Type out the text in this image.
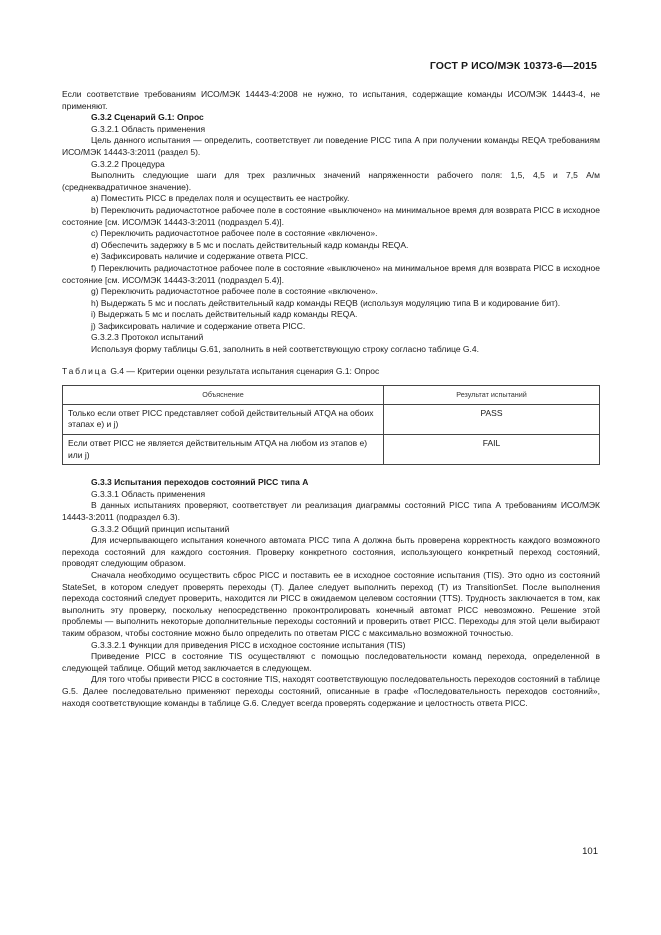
ГОСТ Р ИСО/МЭК 10373-6—2015

Если соответствие требованиям ИСО/МЭК 14443-4:2008 не нужно, то испытания, содержащие команды ИСО/МЭК 14443-4, не применяют.

G.3.2 Сценарий G.1: Опрос

G.3.2.1 Область применения

Цель данного испытания — определить, соответствует ли поведение PICC типа А при получении команды REQA требованиям ИСО/МЭК 14443-3:2011 (раздел 5).

G.3.2.2 Процедура

Выполнить следующие шаги для трех различных значений напряженности рабочего поля: 1,5, 4,5 и 7,5 А/м (среднеквадратичное значение).

a) Поместить PICC в пределах поля и осуществить ее настройку.

b) Переключить радиочастотное рабочее поле в состояние «выключено» на минимальное время для возврата PICC в исходное состояние [см. ИСО/МЭК 14443-3:2011 (подраздел 5.4)].

c) Переключить радиочастотное рабочее поле в состояние «включено».

d) Обеспечить задержку в 5 мс и послать действительный кадр команды REQA.

e) Зафиксировать наличие и содержание ответа PICC.

f) Переключить радиочастотное рабочее поле в состояние «выключено» на минимальное время для возврата PICC в исходное состояние [см. ИСО/МЭК 14443-3:2011 (подраздел 5.4)].

g) Переключить радиочастотное рабочее поле в состояние «включено».

h) Выдержать 5 мс и послать действительный кадр команды REQB (используя модуляцию типа В и кодирование бит).

i) Выдержать 5 мс и послать действительный кадр команды REQA.

j) Зафиксировать наличие и содержание ответа PICC.

G.3.2.3 Протокол испытаний

Используя форму таблицы G.61, заполнить в ней соответствующую строку согласно таблице G.4.

Таблица G.4 — Критерии оценки результата испытания сценария G.1: Опрос

Объяснение	Результат испытаний
Только если ответ PICC представляет собой действительный ATQA на обоих этапах e) и j)	PASS
Если ответ PICC не является действительным ATQA на любом из этапов e) или j)	FAIL

G.3.3 Испытания переходов состояний PICC типа А

G.3.3.1 Область применения

В данных испытаниях проверяют, соответствует ли реализация диаграммы состояний PICC типа А требованиям ИСО/МЭК 14443-3:2011 (подраздел 6.3).

G.3.3.2 Общий принцип испытаний

Для исчерпывающего испытания конечного автомата PICC типа А должна быть проверена корректность каждого возможного перехода состояний для каждого состояния. Проверку конкретного состояния, использующего конкретный переход состояний, проводят следующим образом.

Сначала необходимо осуществить сброс PICC и поставить ее в исходное состояние испытания (TIS). Это одно из состояний StateSet, в котором следует проверять переходы (Т). Далее следует выполнить переход (Т) из TransitionSet. После выполнения перехода состояний следует проверить, находится ли PICC в ожидаемом целевом состоянии (TTS). Трудность заключается в том, как выполнить эту проверку, поскольку непосредственно проконтролировать конечный автомат PICC невозможно. Решение этой проблемы — выполнить некоторые дополнительные переходы состояний и проверить ответ PICC. Переходы для этой цели выбирают таким образом, чтобы состояние можно было определить по ответам PICC с максимально возможной точностью.

G.3.3.2.1 Функции для приведения PICC в исходное состояние испытания (TIS)

Приведение PICC в состояние TIS осуществляют с помощью последовательности команд перехода, определенной в следующей таблице. Общий метод заключается в следующем.

Для того чтобы привести PICC в состояние TIS, находят соответствующую последовательность переходов состояний в таблице G.5. Далее последовательно применяют переходы состояний, описанные в графе «Последовательность переходов состояний», находя соответствующие команды в таблице G.6. Следует всегда проверять содержание и целостность ответа PICC.

101
